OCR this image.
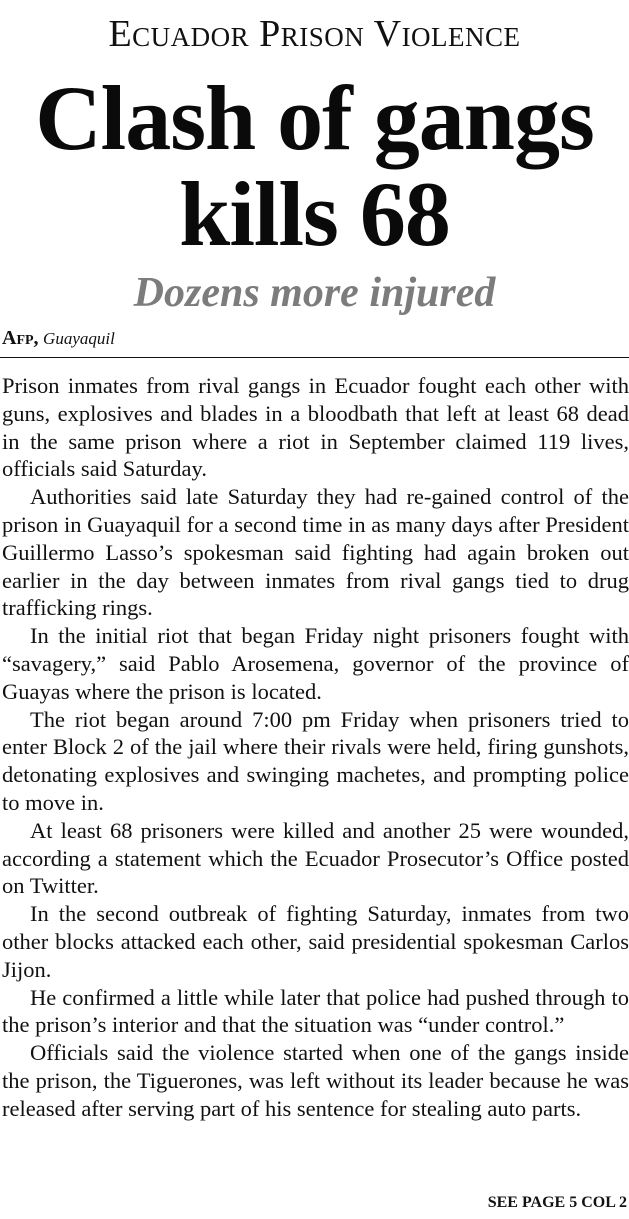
Ecuador Prison Violence
Clash of gangs
kills 68
Dozens more injured
Afp, Guayaquil

Prison inmates from rival gangs in Ecuador fought each other with guns, explosives and blades in a bloodbath that left at least 68 dead in the same prison where a riot in September claimed 119 lives, officials said Saturday.

Authorities said late Saturday they had re-gained control of the prison in Guayaquil for a second time in as many days after President Guillermo Lasso’s spokesman said fighting had again broken out earlier in the day between inmates from rival gangs tied to drug trafficking rings.

In the initial riot that began Friday night prisoners fought with “savagery,” said Pablo Arosemena, governor of the province of Guayas where the prison is located.

The riot began around 7:00 pm Friday when prisoners tried to enter Block 2 of the jail where their rivals were held, firing gunshots, detonating explosives and swinging machetes, and prompting police to move in.

At least 68 prisoners were killed and another 25 were wounded, according a statement which the Ecuador Prosecutor’s Office posted on Twitter.

In the second outbreak of fighting Saturday, inmates from two other blocks attacked each other, said presidential spokesman Carlos Jijon.

He confirmed a little while later that police had pushed through to the prison’s interior and that the situation was “under control.”

Officials said the violence started when one of the gangs inside the prison, the Tiguerones, was left without its leader because he was released after serving part of his sentence for stealing auto parts.

SEE PAGE 5 COL 2
